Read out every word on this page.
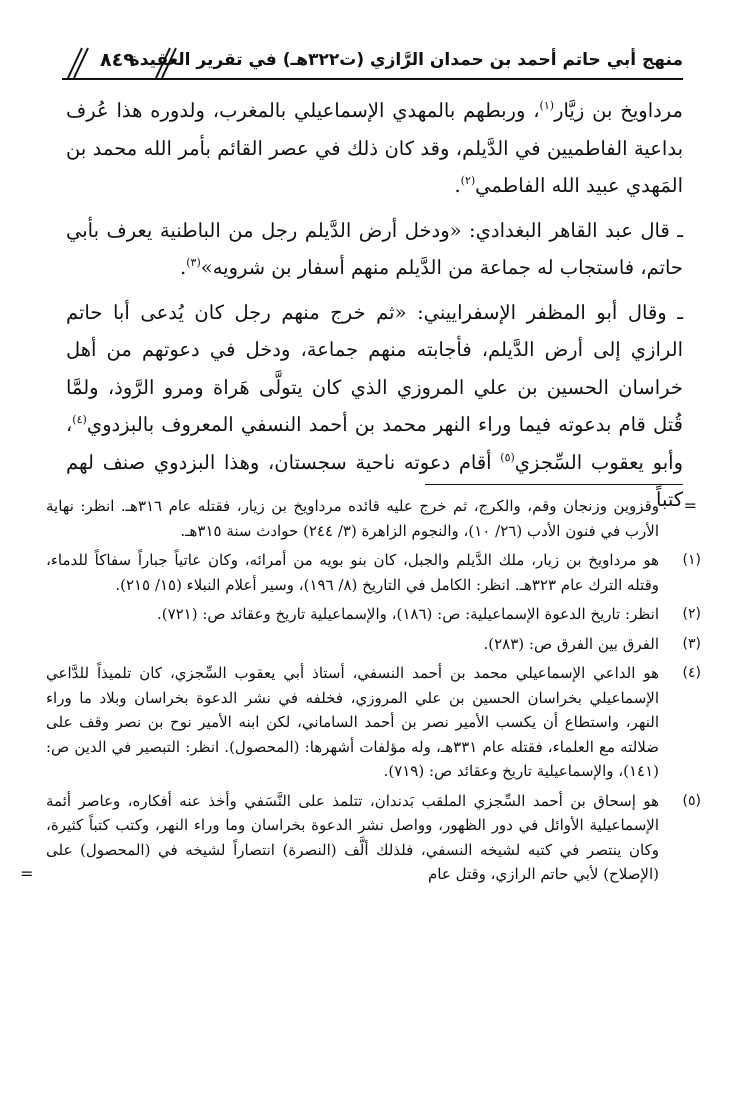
منهج أبي حاتم أحمد بن حمدان الرَّازي (ت٣٢٢هـ) في تقرير العقيدة
٨٤٩

مرداويخ بن زيَّار$^{(١)}$، وربطهم بالمهدي الإسماعيلي بالمغرب، ولدوره هذا عُرف بداعية الفاطميين في الدَّيلم، وقد كان ذلك في عصر القائم بأمر الله محمد بن المَهدي عبيد الله الفاطمي$^{(٢)}$.

ـ قال عبد القاهر البغدادي: «ودخل أرض الدَّيلم رجل من الباطنية يعرف بأبي حاتم، فاستجاب له جماعة من الدَّيلم منهم أسفار بن شرويه»$^{(٣)}$.

ـ وقال أبو المظفر الإسفراييني: «ثم خرج منهم رجل كان يُدعى أبا حاتم الرازي إلى أرض الدَّيلم، فأجابته منهم جماعة، ودخل في دعوتهم من أهل خراسان الحسين بن علي المروزي الذي كان يتولَّى هَراة ومرو الرَّوذ، ولمَّا قُتل قام بدعوته فيما وراء النهر محمد بن أحمد النسفي المعروف بالبزدوي$^{(٤)}$، وأبو يعقوب السِّجزي$^{(٥)}$ أقام دعوته ناحية سجستان، وهذا البزدوي صنف لهم كتباً =
وقزوين وزنجان وقم، والكرج، ثم خرج عليه قائده مرداويخ بن زيار، فقتله عام ٣١٦هـ. انظر: نهاية الأرب في فنون الأدب (٢٦/ ١٠)، والنجوم الزاهرة (٣/ ٢٤٤) حوادث سنة ٣١٥هـ.
(١)
هو مرداويخ بن زيار، ملك الدَّيلم والجبل، كان بنو بويه من أمرائه، وكان عاتياً جباراً سفاكاً للدماء، وقتله الترك عام ٣٢٣هـ. انظر: الكامل في التاريخ (٨/ ١٩٦)، وسير أعلام النبلاء (١٥/ ٢١٥).
(٢)
انظر: تاريخ الدعوة الإسماعيلية: ص: (١٨٦)، والإسماعيلية تاريخ وعقائد ص: (٧٢١).
(٣)
الفرق بين الفرق ص: (٢٨٣).
(٤)
هو الداعي الإسماعيلي محمد بن أحمد النسفي، أستاذ أبي يعقوب السِّجزي، كان تلميذاً للدَّاعي الإسماعيلي بخراسان الحسين بن علي المروزي، فخلفه في نشر الدعوة بخراسان وبلاد ما وراء النهر، واستطاع أن يكسب الأمير نصر بن أحمد الساماني، لكن ابنه الأمير نوح بن نصر وقف على ضلالته مع العلماء، فقتله عام ٣٣١هـ، وله مؤلفات أشهرها: (المحصول). انظر: التبصير في الدين ص: (١٤١)، والإسماعيلية تاريخ وعقائد ص: (٧١٩).
(٥)
هو إسحاق بن أحمد السِّجزي الملقب بَدندان، تتلمذ على النَّسَفي وأخذ عنه أفكاره، وعاصر أئمة الإسماعيلية الأوائل في دور الظهور، وواصل نشر الدعوة بخراسان وما وراء النهر، وكتب كتباً كثيرة، وكان ينتصر في كتبه لشيخه النسفي، فلذلك ألَّف (النصرة) انتصاراً لشيخه في (المحصول) على (الإصلاح) لأبي حاتم الرازي، وقتل عام
=
